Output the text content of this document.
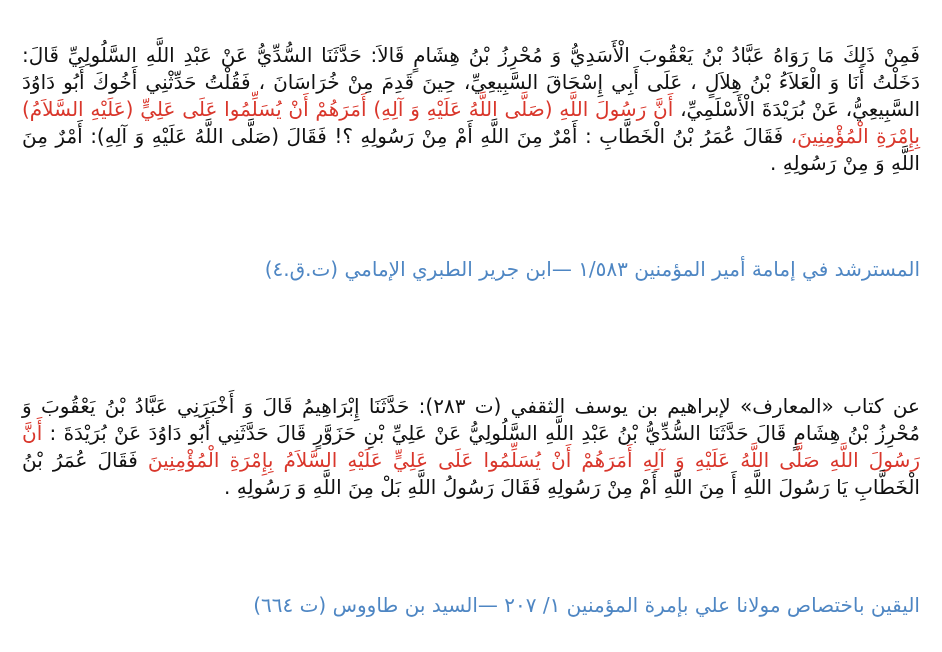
فَمِنْ ذَلِكَ مَا رَوَاهُ عَبَّادُ بْنُ يَعْقُوبَ الْأَسَدِيُّ وَ مُحْرِزُ بْنُ هِشَامٍ قَالاَ: حَدَّثَنَا السُّدِّيُّ عَنْ عَبْدِ اللَّهِ السَّلُولِيِّ قَالَ: دَخَلْتُ أَنَا وَ الْعَلاَءُ بْنُ هِلاَلٍ ، عَلَى أَبِي إِسْحَاقَ السَّبِيعِيِّ، حِينَ قَدِمَ مِنْ خُرَاسَانَ ، فَقُلْتُ حَدِّثْنِي أَخُوكَ أَبُو دَاوُدَ السَّبِيعِيُّ، عَنْ بُرَيْدَةَ الْأَسْلَمِيِّ، أَنَّ رَسُولَ اللَّهِ (صَلَّى اللَّهُ عَلَيْهِ وَ آلِهِ) أَمَرَهُمْ أَنْ يُسَلِّمُوا عَلَى عَلِيٍّ (عَلَيْهِ السَّلاَمُ) بِإِمْرَةِ الْمُؤْمِنِينَ، فَقَالَ عُمَرُ بْنُ الْخَطَّابِ : أَمْرٌ مِنَ اللَّهِ أَمْ مِنْ رَسُولِهِ ؟! فَقَالَ (صَلَّى اللَّهُ عَلَيْهِ وَ آلِهِ): أَمْرٌ مِنَ اللَّهِ وَ مِنْ رَسُولِهِ .

المسترشد في إمامة أمير المؤمنين ١/٥٨٣ —ابن جرير الطبري الإمامي (ت.ق.٤)

عن كتاب «المعارف» لإبراهيم بن يوسف الثقفي (ت ٢٨٣): حَدَّثَنَا إِبْرَاهِيمُ قَالَ وَ أَخْبَرَنِي عَبَّادُ بْنُ يَعْقُوبَ وَ مُحْرِزُ بْنُ هِشَامٍ قَالَ حَدَّثَنَا السُّدِّيُّ بْنُ عَبْدِ اللَّهِ السَّلُولِيُّ عَنْ عَلِيِّ بْنِ حَزَوَّرٍ قَالَ حَدَّثَنِي أَبُو دَاوُدَ عَنْ بُرَيْدَةَ : أَنَّ رَسُولَ اللَّهِ صَلَّى اللَّهُ عَلَيْهِ وَ آلِهِ أَمَرَهُمْ أَنْ يُسَلِّمُوا عَلَى عَلِيٍّ عَلَيْهِ السَّلاَمُ بِإِمْرَةِ الْمُؤْمِنِينَ فَقَالَ عُمَرُ بْنُ الْخَطَّابِ يَا رَسُولَ اللَّهِ أَ مِنَ اللَّهِ أَمْ مِنْ رَسُولِهِ فَقَالَ رَسُولُ اللَّهِ بَلْ مِنَ اللَّهِ وَ رَسُولِهِ .

اليقين باختصاص مولانا علي بإمرة المؤمنين ١/ ٢٠٧ —السيد بن طاووس (ت ٦٦٤)
